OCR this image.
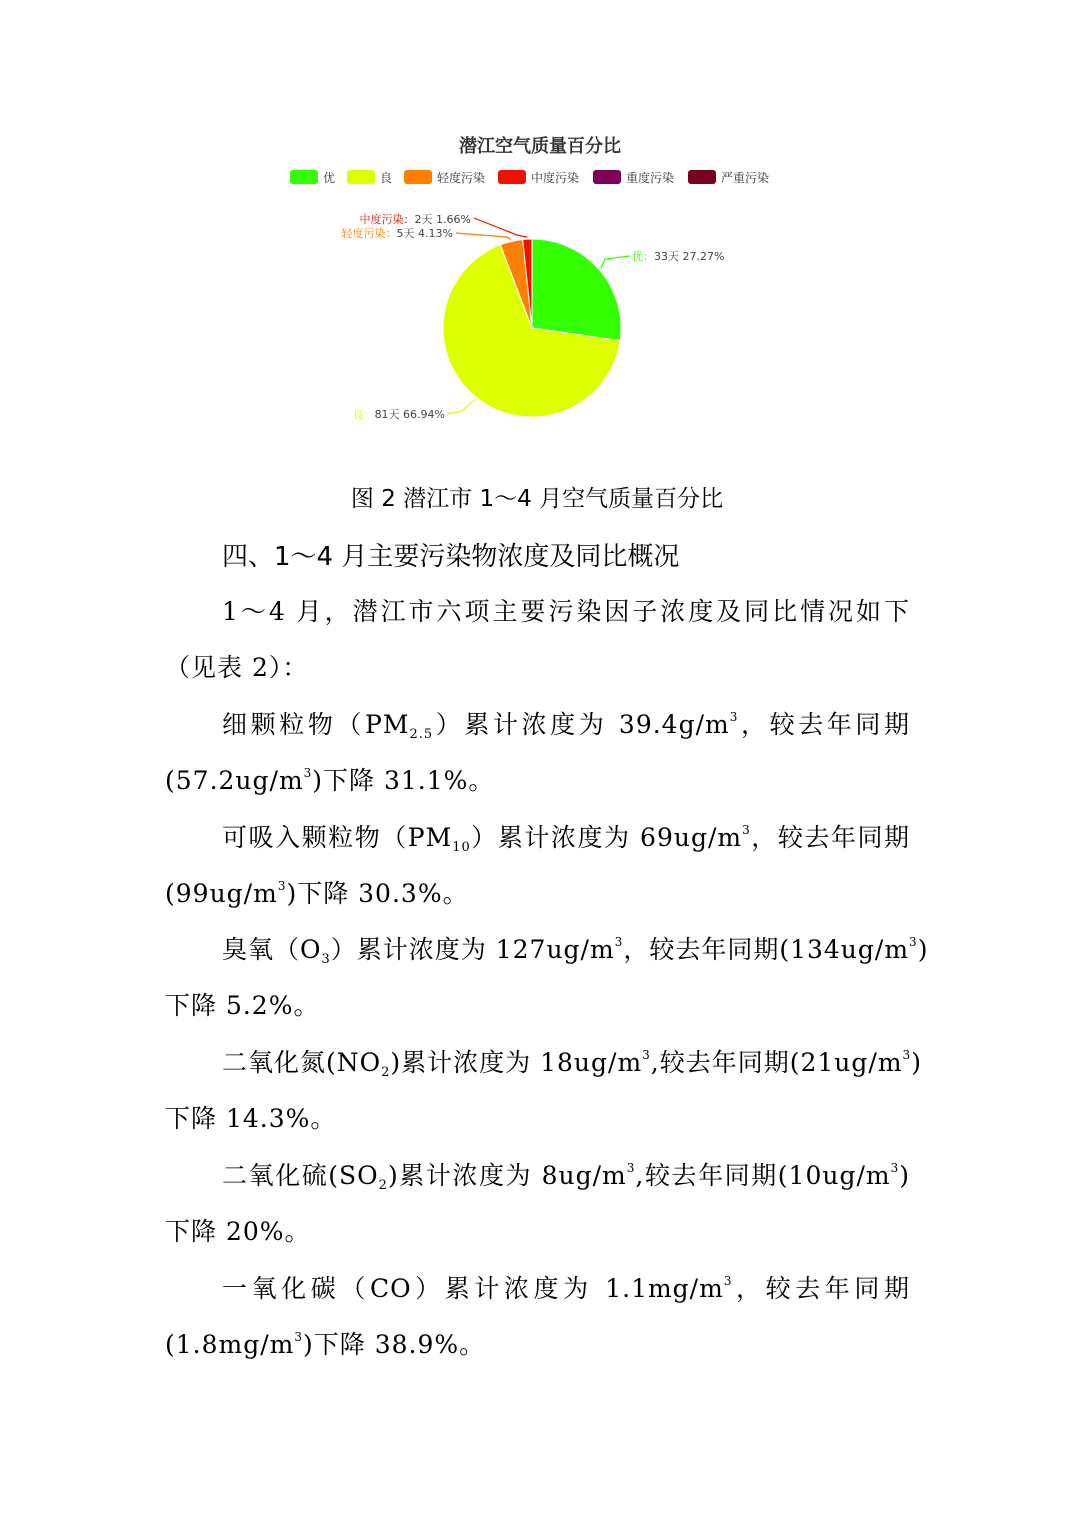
潜江空气质量百分比
优	良	轻度污染	中度污染	重度污染	严重污染
优：33天 27.27%
良：81天 66.94%
轻度污染：5天 4.13%
中度污染：2天 1.66%
图 2 潜江市 1～4 月空气质量百分比
四、1～4 月主要污染物浓度及同比概况
1～4 月，潜江市六项主要污染因子浓度及同比情况如下
（见表 2）：
细颗粒物$(PM_{2.5})$累计浓度为 $39.4g/m^3$，较去年同期
$(57.2ug/m^3)$下降 31.1%。
可吸入颗粒物$(PM_{10})$累计浓度为 $69ug/m^3$，较去年同期
$(99ug/m^3)$下降 30.3%。
臭氧$(O_3)$累计浓度为 $127ug/m^3$，较去年同期$(134ug/m^3)$
下降 5.2%。
二氧化氮$(NO_2)$累计浓度为 $18ug/m^3$,较去年同期$(21ug/m^3)$
下降 14.3%。
二氧化硫$(SO_2)$累计浓度为 $8ug/m^3$,较去年同期$(10ug/m^3)$
下降 20%。
一氧化碳（CO）累计浓度为 $1.1mg/m^3$，较去年同期
$(1.8mg/m^3)$下降 38.9%。
